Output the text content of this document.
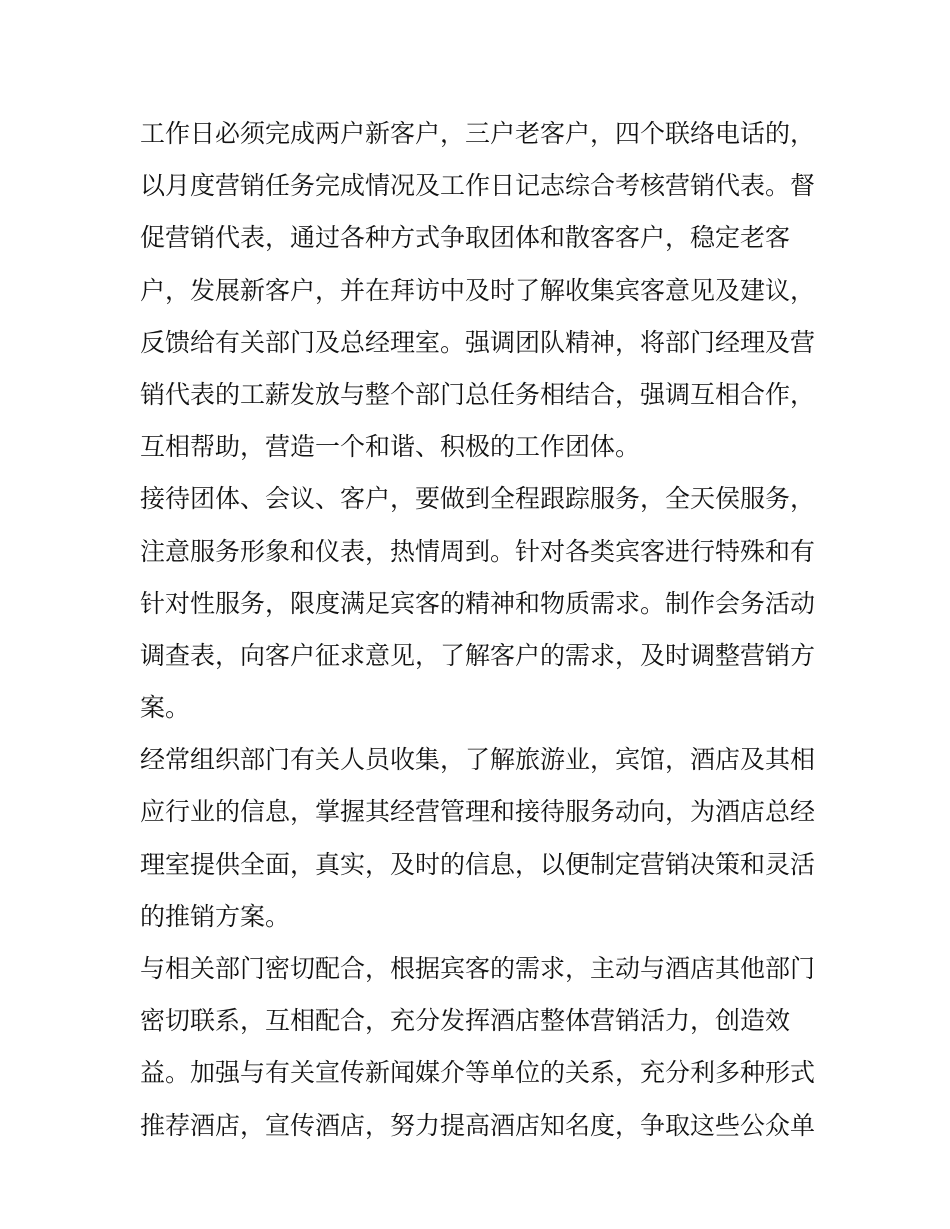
工作日必须完成两户新客户，三户老客户，四个联络电话的，
以月度营销任务完成情况及工作日记志综合考核营销代表。督
促营销代表，通过各种方式争取团体和散客客户，稳定老客
户，发展新客户，并在拜访中及时了解收集宾客意见及建议，
反馈给有关部门及总经理室。强调团队精神，将部门经理及营
销代表的工薪发放与整个部门总任务相结合，强调互相合作，
互相帮助，营造一个和谐、积极的工作团体。
接待团体、会议、客户，要做到全程跟踪服务，全天侯服务，
注意服务形象和仪表，热情周到。针对各类宾客进行特殊和有
针对性服务，限度满足宾客的精神和物质需求。制作会务活动
调查表，向客户征求意见，了解客户的需求，及时调整营销方
案。
经常组织部门有关人员收集，了解旅游业，宾馆，酒店及其相
应行业的信息，掌握其经营管理和接待服务动向，为酒店总经
理室提供全面，真实，及时的信息，以便制定营销决策和灵活
的推销方案。
与相关部门密切配合，根据宾客的需求，主动与酒店其他部门
密切联系，互相配合，充分发挥酒店整体营销活力，创造效
益。加强与有关宣传新闻媒介等单位的关系，充分利多种形式
推荐酒店，宣传酒店，努力提高酒店知名度，争取这些公众单
